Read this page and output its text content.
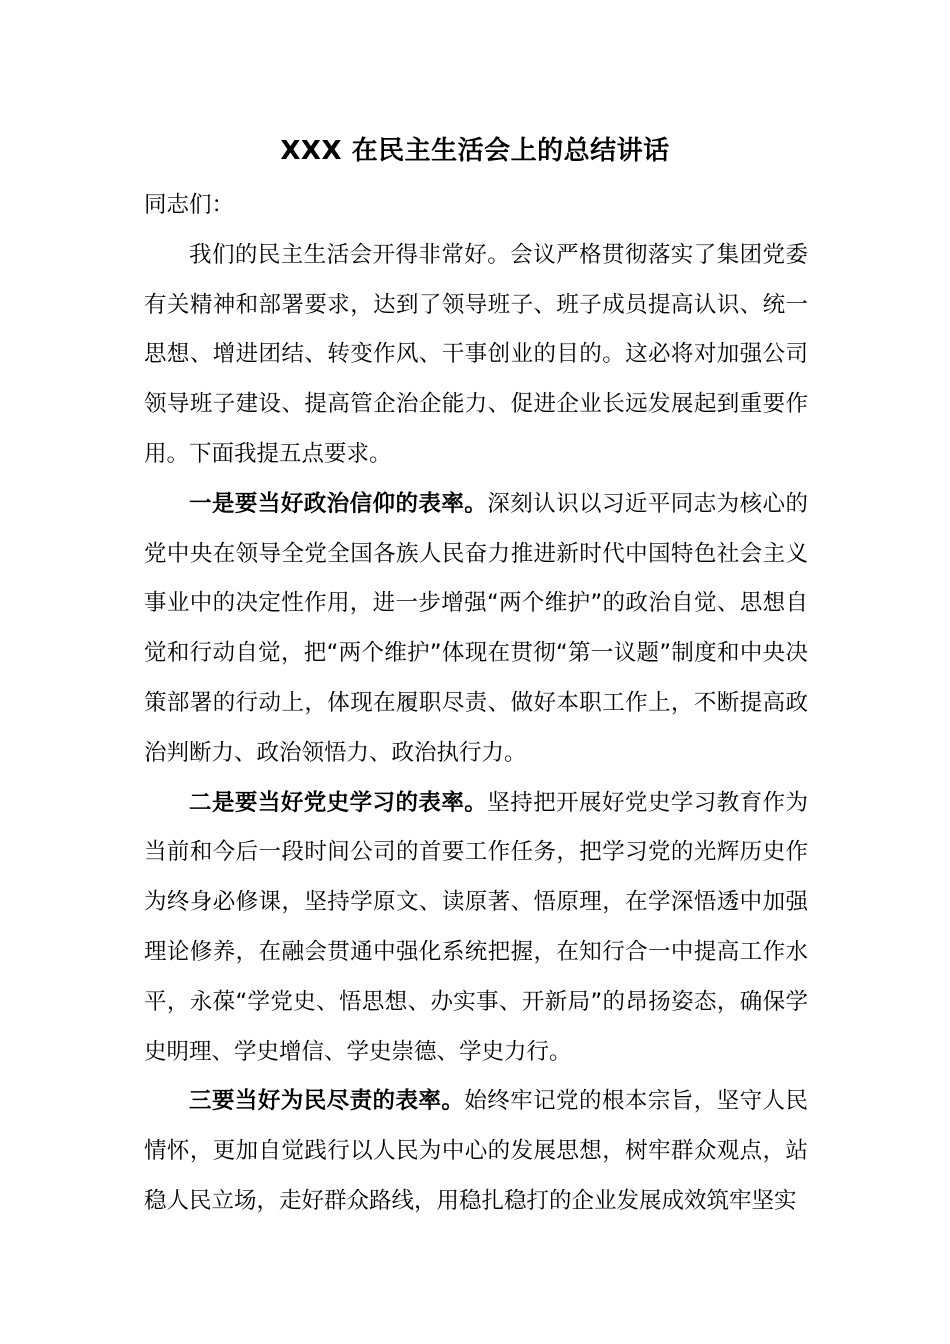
XXX 在民主生活会上的总结讲话

同志们：

我们的民主生活会开得非常好。会议严格贯彻落实了集团党委有关精神和部署要求，达到了领导班子、班子成员提高认识、统一思想、增进团结、转变作风、干事创业的目的。这必将对加强公司领导班子建设、提高管企治企能力、促进企业长远发展起到重要作用。下面我提五点要求。

一是要当好政治信仰的表率。深刻认识以习近平同志为核心的党中央在领导全党全国各族人民奋力推进新时代中国特色社会主义事业中的决定性作用，进一步增强“两个维护”的政治自觉、思想自觉和行动自觉，把“两个维护”体现在贯彻“第一议题”制度和中央决策部署的行动上，体现在履职尽责、做好本职工作上，不断提高政治判断力、政治领悟力、政治执行力。

二是要当好党史学习的表率。坚持把开展好党史学习教育作为当前和今后一段时间公司的首要工作任务，把学习党的光辉历史作为终身必修课，坚持学原文、读原著、悟原理，在学深悟透中加强理论修养，在融会贯通中强化系统把握，在知行合一中提高工作水平，永葆“学党史、悟思想、办实事、开新局”的昂扬姿态，确保学史明理、学史增信、学史崇德、学史力行。

三要当好为民尽责的表率。始终牢记党的根本宗旨，坚守人民情怀，更加自觉践行以人民为中心的发展思想，树牢群众观点，站稳人民立场，走好群众路线，用稳扎稳打的企业发展成效筑牢坚实
